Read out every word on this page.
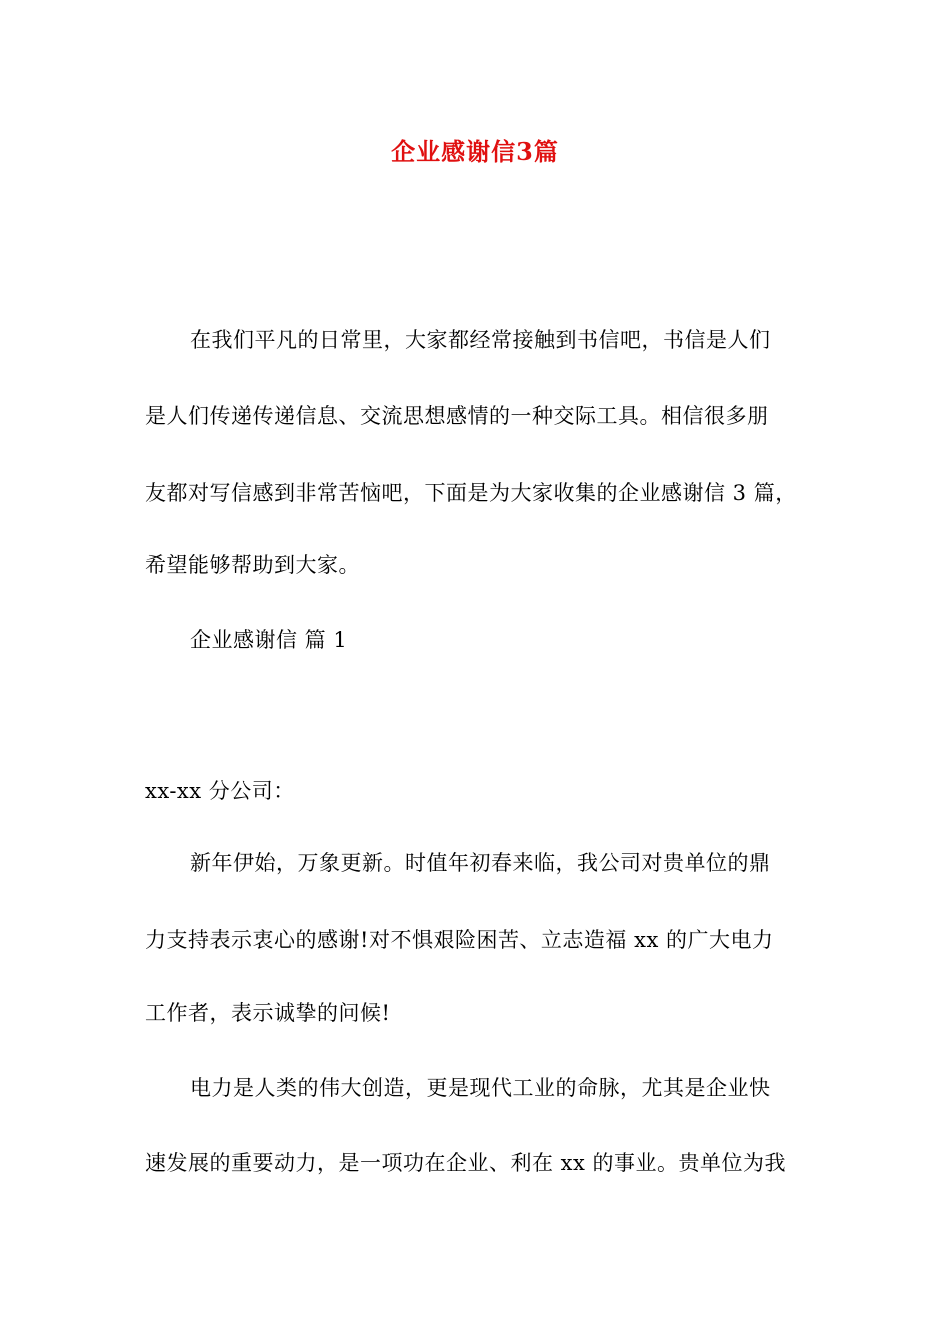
企业感谢信3篇
在我们平凡的日常里，大家都经常接触到书信吧，书信是人们
是人们传递传递信息、交流思想感情的一种交际工具。相信很多朋
友都对写信感到非常苦恼吧，下面是为大家收集的企业感谢信 3 篇，
希望能够帮助到大家。
企业感谢信 篇 1
xx-xx 分公司：
新年伊始，万象更新。时值年初春来临，我公司对贵单位的鼎
力支持表示衷心的感谢!对不惧艰险困苦、立志造福 xx 的广大电力
工作者，表示诚挚的问候!
电力是人类的伟大创造，更是现代工业的命脉，尤其是企业快
速发展的重要动力，是一项功在企业、利在 xx 的事业。贵单位为我
